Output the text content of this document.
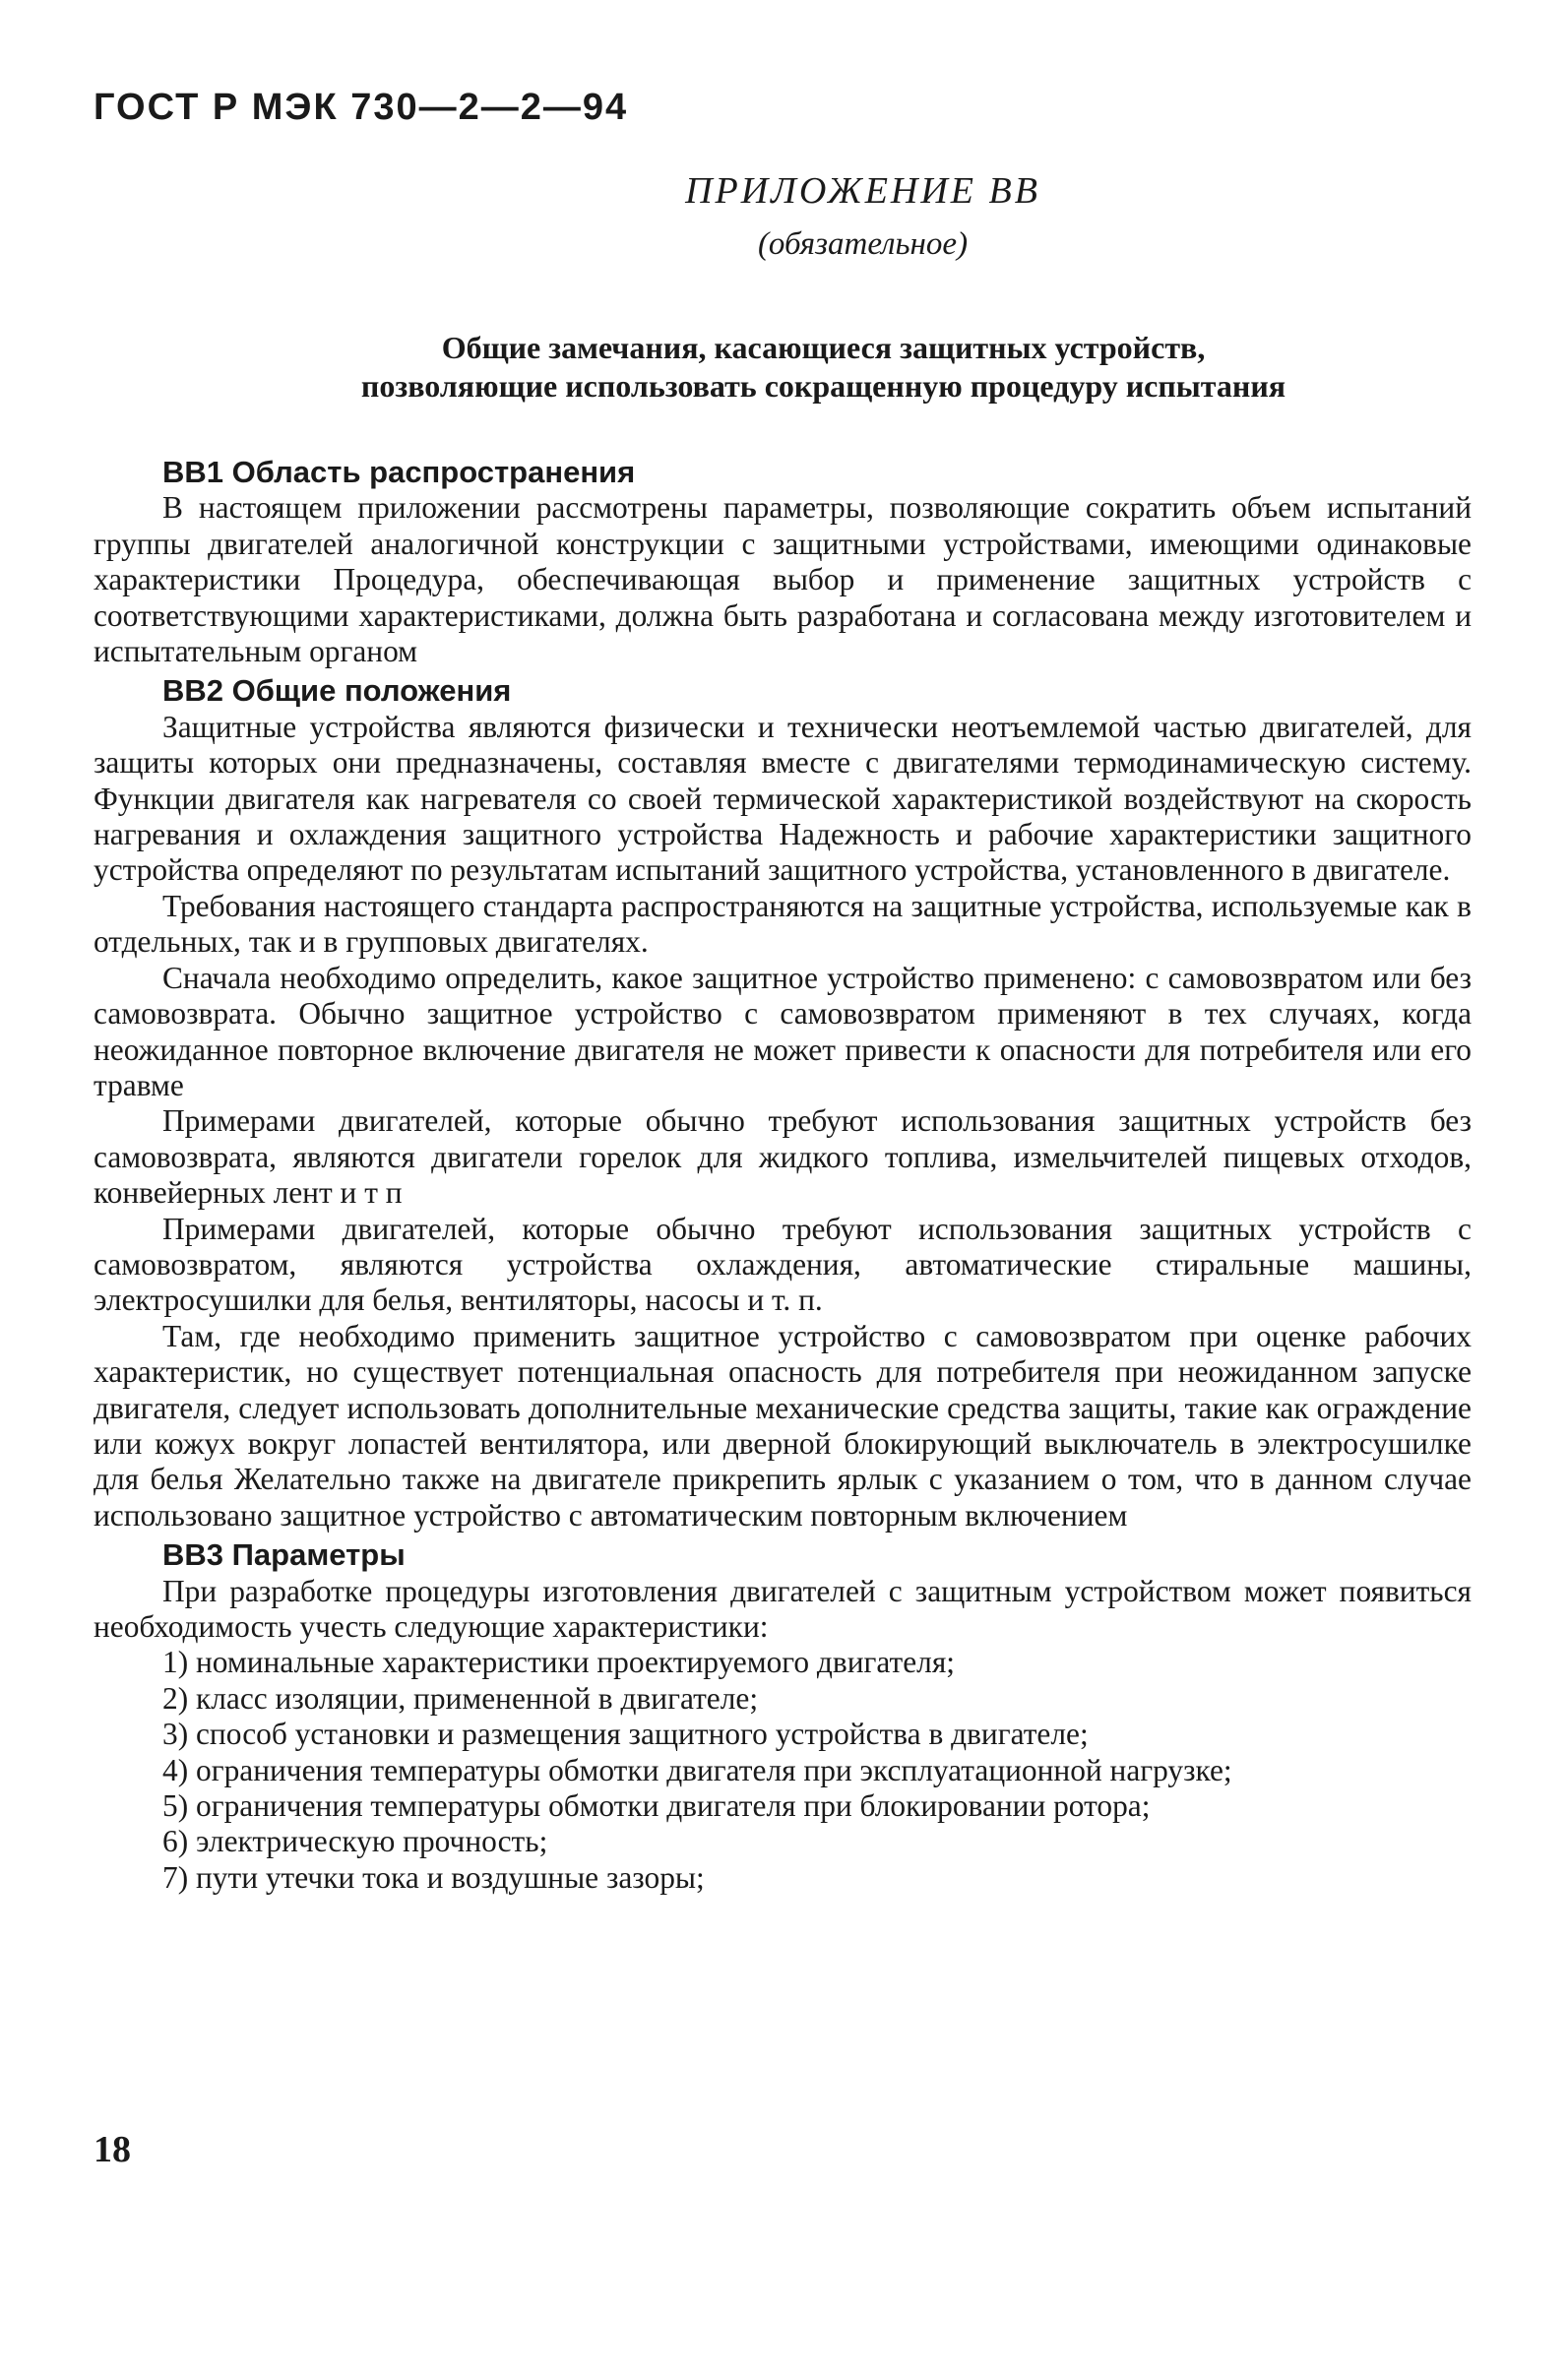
ГОСТ Р МЭК 730—2—2—94
ПРИЛОЖЕНИЕ ВВ
(обязательное)
Общие замечания, касающиеся защитных устройств,
позволяющие использовать сокращенную процедуру испытания
ВВ1 Область распространения

В настоящем приложении рассмотрены параметры, позволяющие сократить объем испытаний группы двигателей аналогичной конструкции с защитными устройствами, имеющими одинаковые характеристики Процедура, обеспечивающая выбор и применение защитных устройств с соответствующими характеристиками, должна быть разработана и согласована между изготовителем и испытательным органом

ВВ2 Общие положения

Защитные устройства являются физически и технически неотъемлемой частью двигателей, для защиты которых они предназначены, составляя вместе с двигателями термодинамическую систему. Функции двигателя как нагревателя со своей термической характеристикой воздействуют на скорость нагревания и охлаждения защитного устройства Надежность и рабочие характеристики защитного устройства определяют по результатам испытаний защитного устройства, установленного в двигателе.

Требования настоящего стандарта распространяются на защитные устройства, используемые как в отдельных, так и в групповых двигателях.

Сначала необходимо определить, какое защитное устройство применено: с самовозвратом или без самовозврата. Обычно защитное устройство с самовозвратом применяют в тех случаях, когда неожиданное повторное включение двигателя не может привести к опасности для потребителя или его травме

Примерами двигателей, которые обычно требуют использования защитных устройств без самовозврата, являются двигатели горелок для жидкого топлива, измельчителей пищевых отходов, конвейерных лент и т п

Примерами двигателей, которые обычно требуют использования защитных устройств с самовозвратом, являются устройства охлаждения, автоматические стиральные машины, электросушилки для белья, вентиляторы, насосы и т. п.

Там, где необходимо применить защитное устройство с самовозвратом при оценке рабочих характеристик, но существует потенциальная опасность для потребителя при неожиданном запуске двигателя, следует использовать дополнительные механические средства защиты, такие как ограждение или кожух вокруг лопастей вентилятора, или дверной блокирующий выключатель в электросушилке для белья Желательно также на двигателе прикрепить ярлык с указанием о том, что в данном случае использовано защитное устройство с автоматическим повторным включением

ВВ3 Параметры

При разработке процедуры изготовления двигателей с защитным устройством может появиться необходимость учесть следующие характеристики:

1) номинальные характеристики проектируемого двигателя;
2) класс изоляции, примененной в двигателе;
3) способ установки и размещения защитного устройства в двигателе;
4) ограничения температуры обмотки двигателя при эксплуатационной нагрузке;
5) ограничения температуры обмотки двигателя при блокировании ротора;
6) электрическую прочность;
7) пути утечки тока и воздушные зазоры;
18
